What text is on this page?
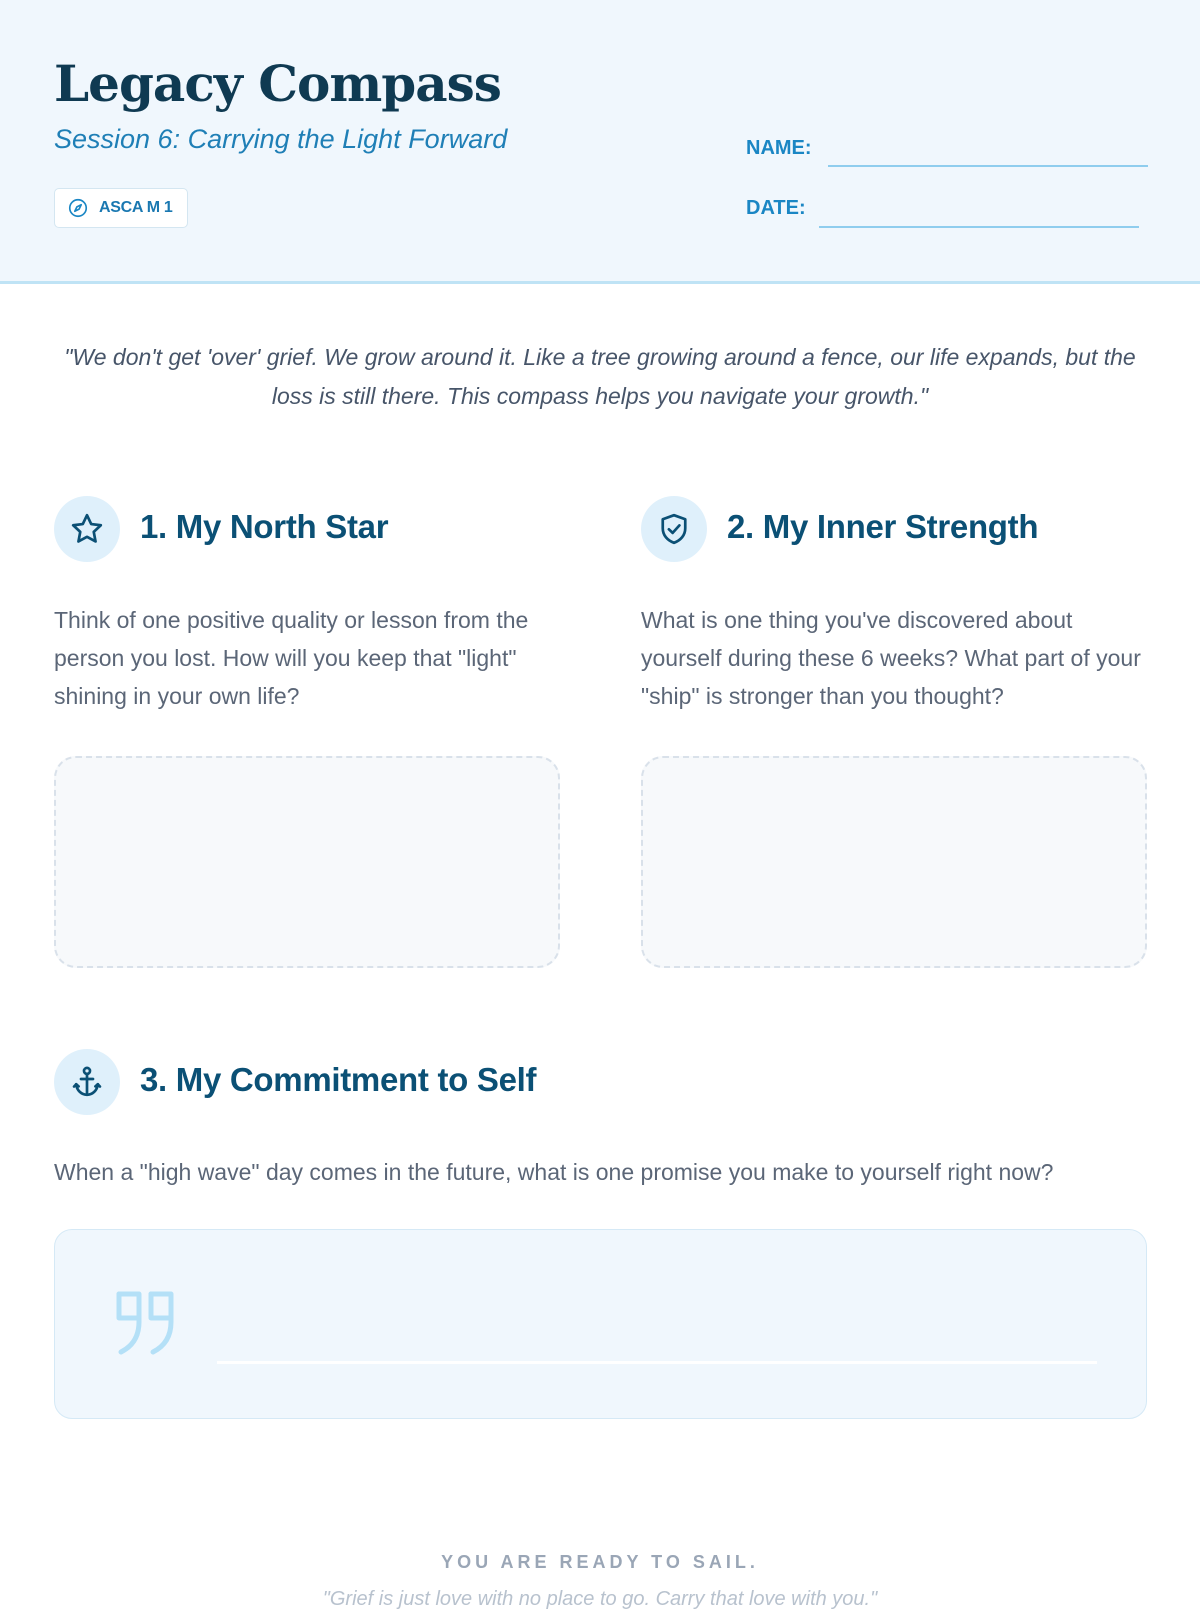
Legacy Compass
Session 6: Carrying the Light Forward
ASCA M 1
NAME:
DATE:
"We don't get 'over' grief. We grow around it. Like a tree growing around a fence, our life expands, but the loss is still there. This compass helps you navigate your growth."
1. My North Star
Think of one positive quality or lesson from the person you lost. How will you keep that "light" shining in your own life?
2. My Inner Strength
What is one thing you've discovered about yourself during these 6 weeks? What part of your "ship" is stronger than you thought?
3. My Commitment to Self
When a "high wave" day comes in the future, what is one promise you make to yourself right now?
YOU ARE READY TO SAIL.
"Grief is just love with no place to go. Carry that love with you."
